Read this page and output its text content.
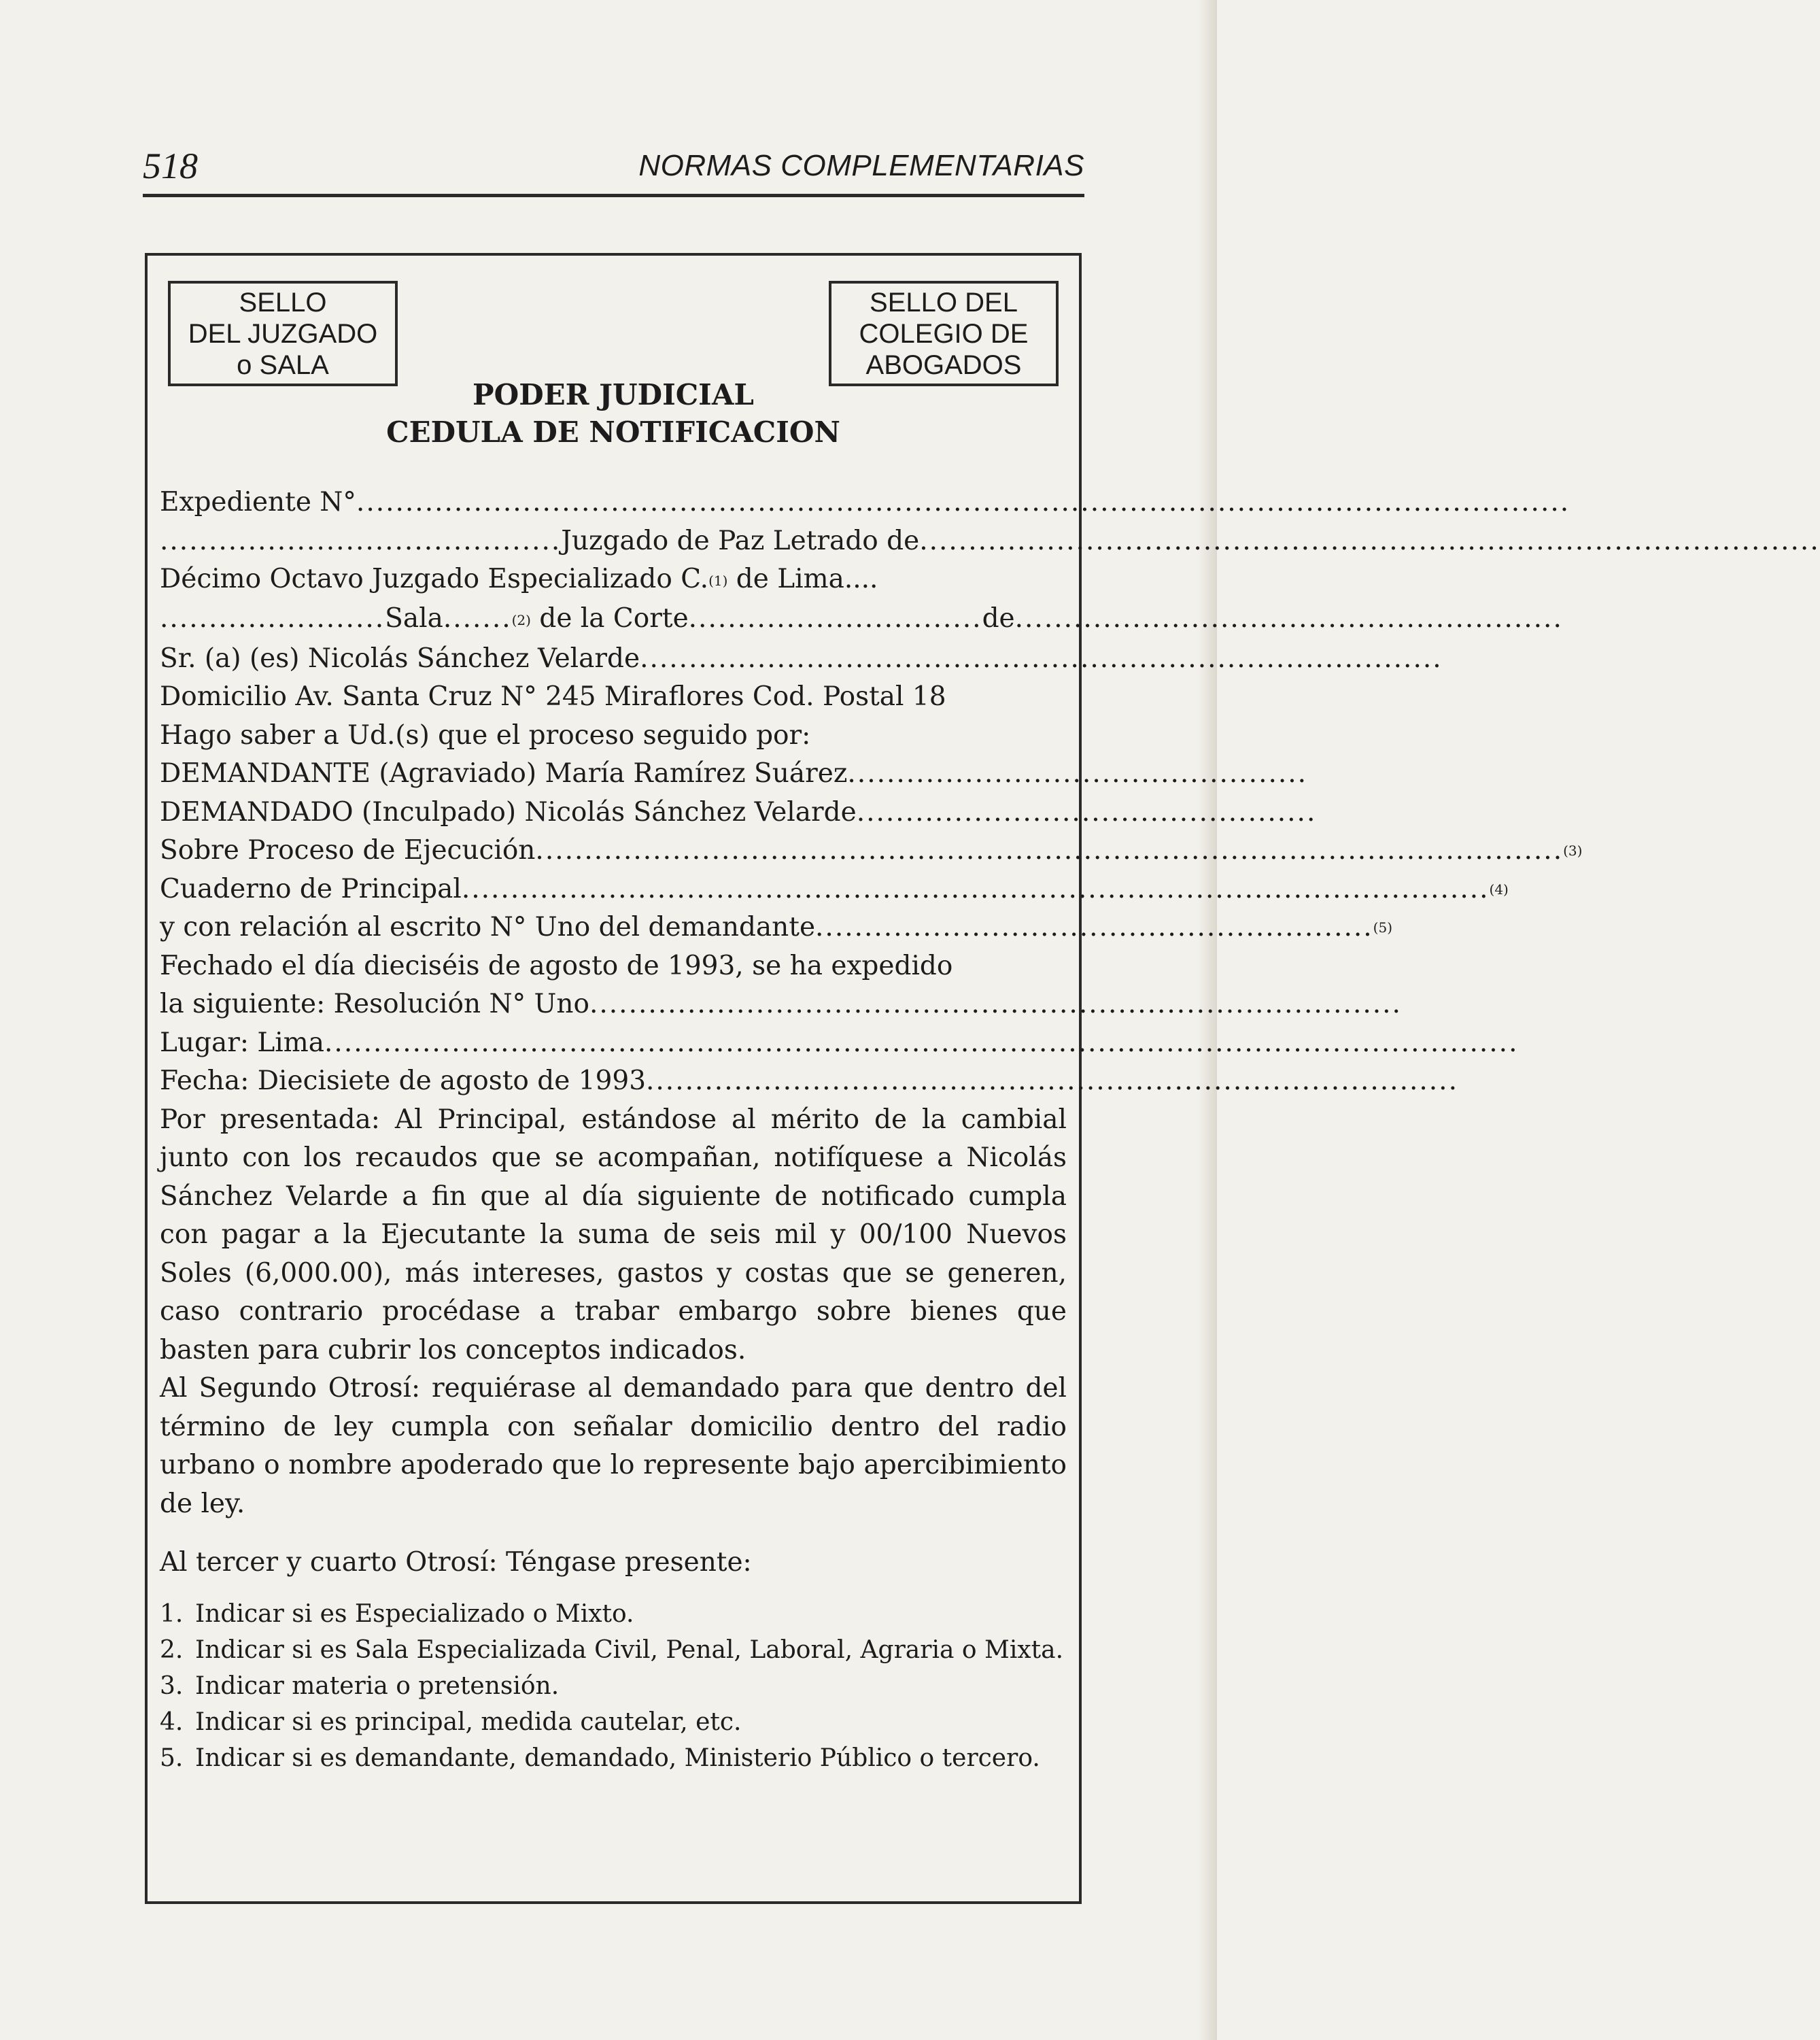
518	NORMAS COMPLEMENTARIAS
SELLO
DEL JUZGADO
o SALA
SELLO DEL
COLEGIO DE
ABOGADOS
PODER JUDICIAL
CEDULA DE NOTIFICACION
Expediente N° ............................................................................................................................
......................................... Juzgado de Paz Letrado de ............................................................................................
Décimo Octavo Juzgado Especializado C.(1) de Lima....
....................... Sala.......(2) de la Corte .............................. de ........................................................
Sr. (a) (es) Nicolás Sánchez Velarde ..................................................................................
Domicilio Av. Santa Cruz N° 245 Miraflores Cod. Postal 18
Hago saber a Ud.(s) que el proceso seguido por:
DEMANDANTE (Agraviado) María Ramírez Suárez ...............................................
DEMANDADO (Inculpado) Nicolás Sánchez Velarde ...............................................
Sobre Proceso de Ejecución ......................................................................................................... (3)
Cuaderno de Principal ......................................................................................................... (4)
y con relación al escrito N° Uno del demandante ......................................................... (5)
Fechado el día dieciséis de agosto de 1993, se ha expedido
la siguiente: Resolución N° Uno ...................................................................................
Lugar: Lima ..........................................................................................................................
Fecha: Diecisiete de agosto de 1993 ...................................................................................
Por presentada: Al Principal, estándose al mérito de la cambial junto con los recaudos que se acompañan, notifíquese a Nicolás Sánchez Velarde a fin que al día siguiente de notificado cumpla con pagar a la Ejecutante la suma de seis mil y 00/100 Nuevos Soles (6,000.00), más intereses, gastos y costas que se generen, caso contrario procédase a trabar embargo sobre bienes que basten para cubrir los conceptos indicados.
Al Segundo Otrosí: requiérase al demandado para que dentro del término de ley cumpla con señalar domicilio dentro del radio urbano o nombre apoderado que lo represente bajo apercibimiento de ley.
Al tercer y cuarto Otrosí: Téngase presente:
1. Indicar si es Especializado o Mixto.
2. Indicar si es Sala Especializada Civil, Penal, Laboral, Agraria o Mixta.
3. Indicar materia o pretensión.
4. Indicar si es principal, medida cautelar, etc.
5. Indicar si es demandante, demandado, Ministerio Público o tercero.
